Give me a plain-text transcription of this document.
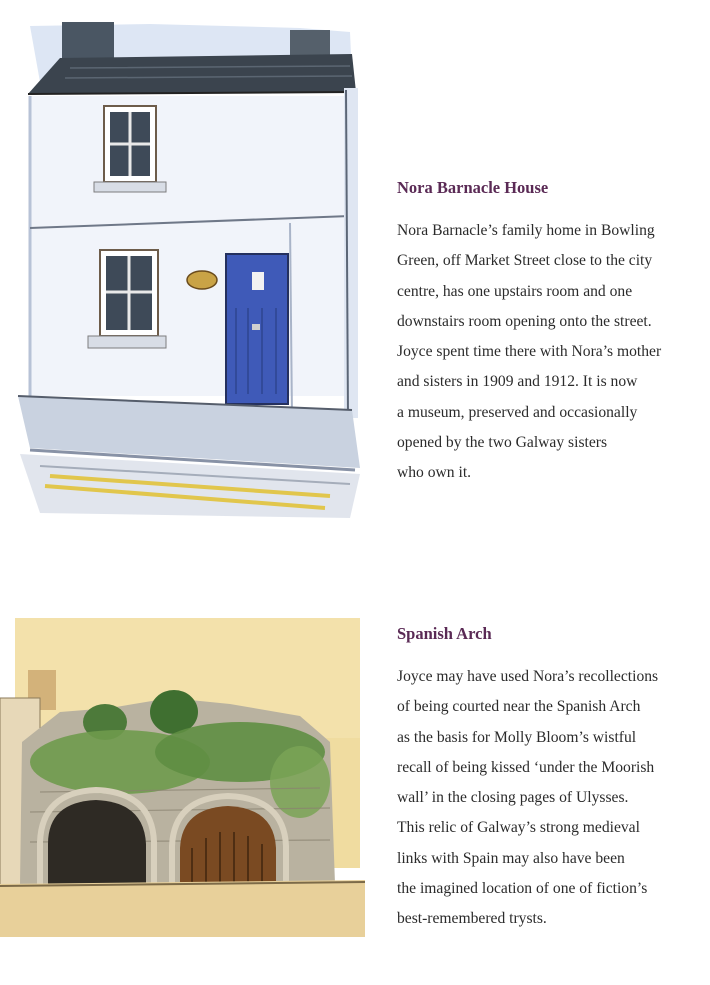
Nora Barnacle House
Nora Barnacle’s family home in Bowling
Green, off Market Street close to the city
centre, has one upstairs room and one
downstairs room opening onto the street.
Joyce spent time there with Nora’s mother
and sisters in 1909 and 1912. It is now
a museum, preserved and occasionally
opened by the two Galway sisters
who own it.
Spanish Arch
Joyce may have used Nora’s recollections
of being courted near the Spanish Arch
as the basis for Molly Bloom’s wistful
recall of being kissed ‘under the Moorish
wall’ in the closing pages of Ulysses.
This relic of Galway’s strong medieval
links with Spain may also have been
the imagined location of one of fiction’s
best-remembered trysts.
